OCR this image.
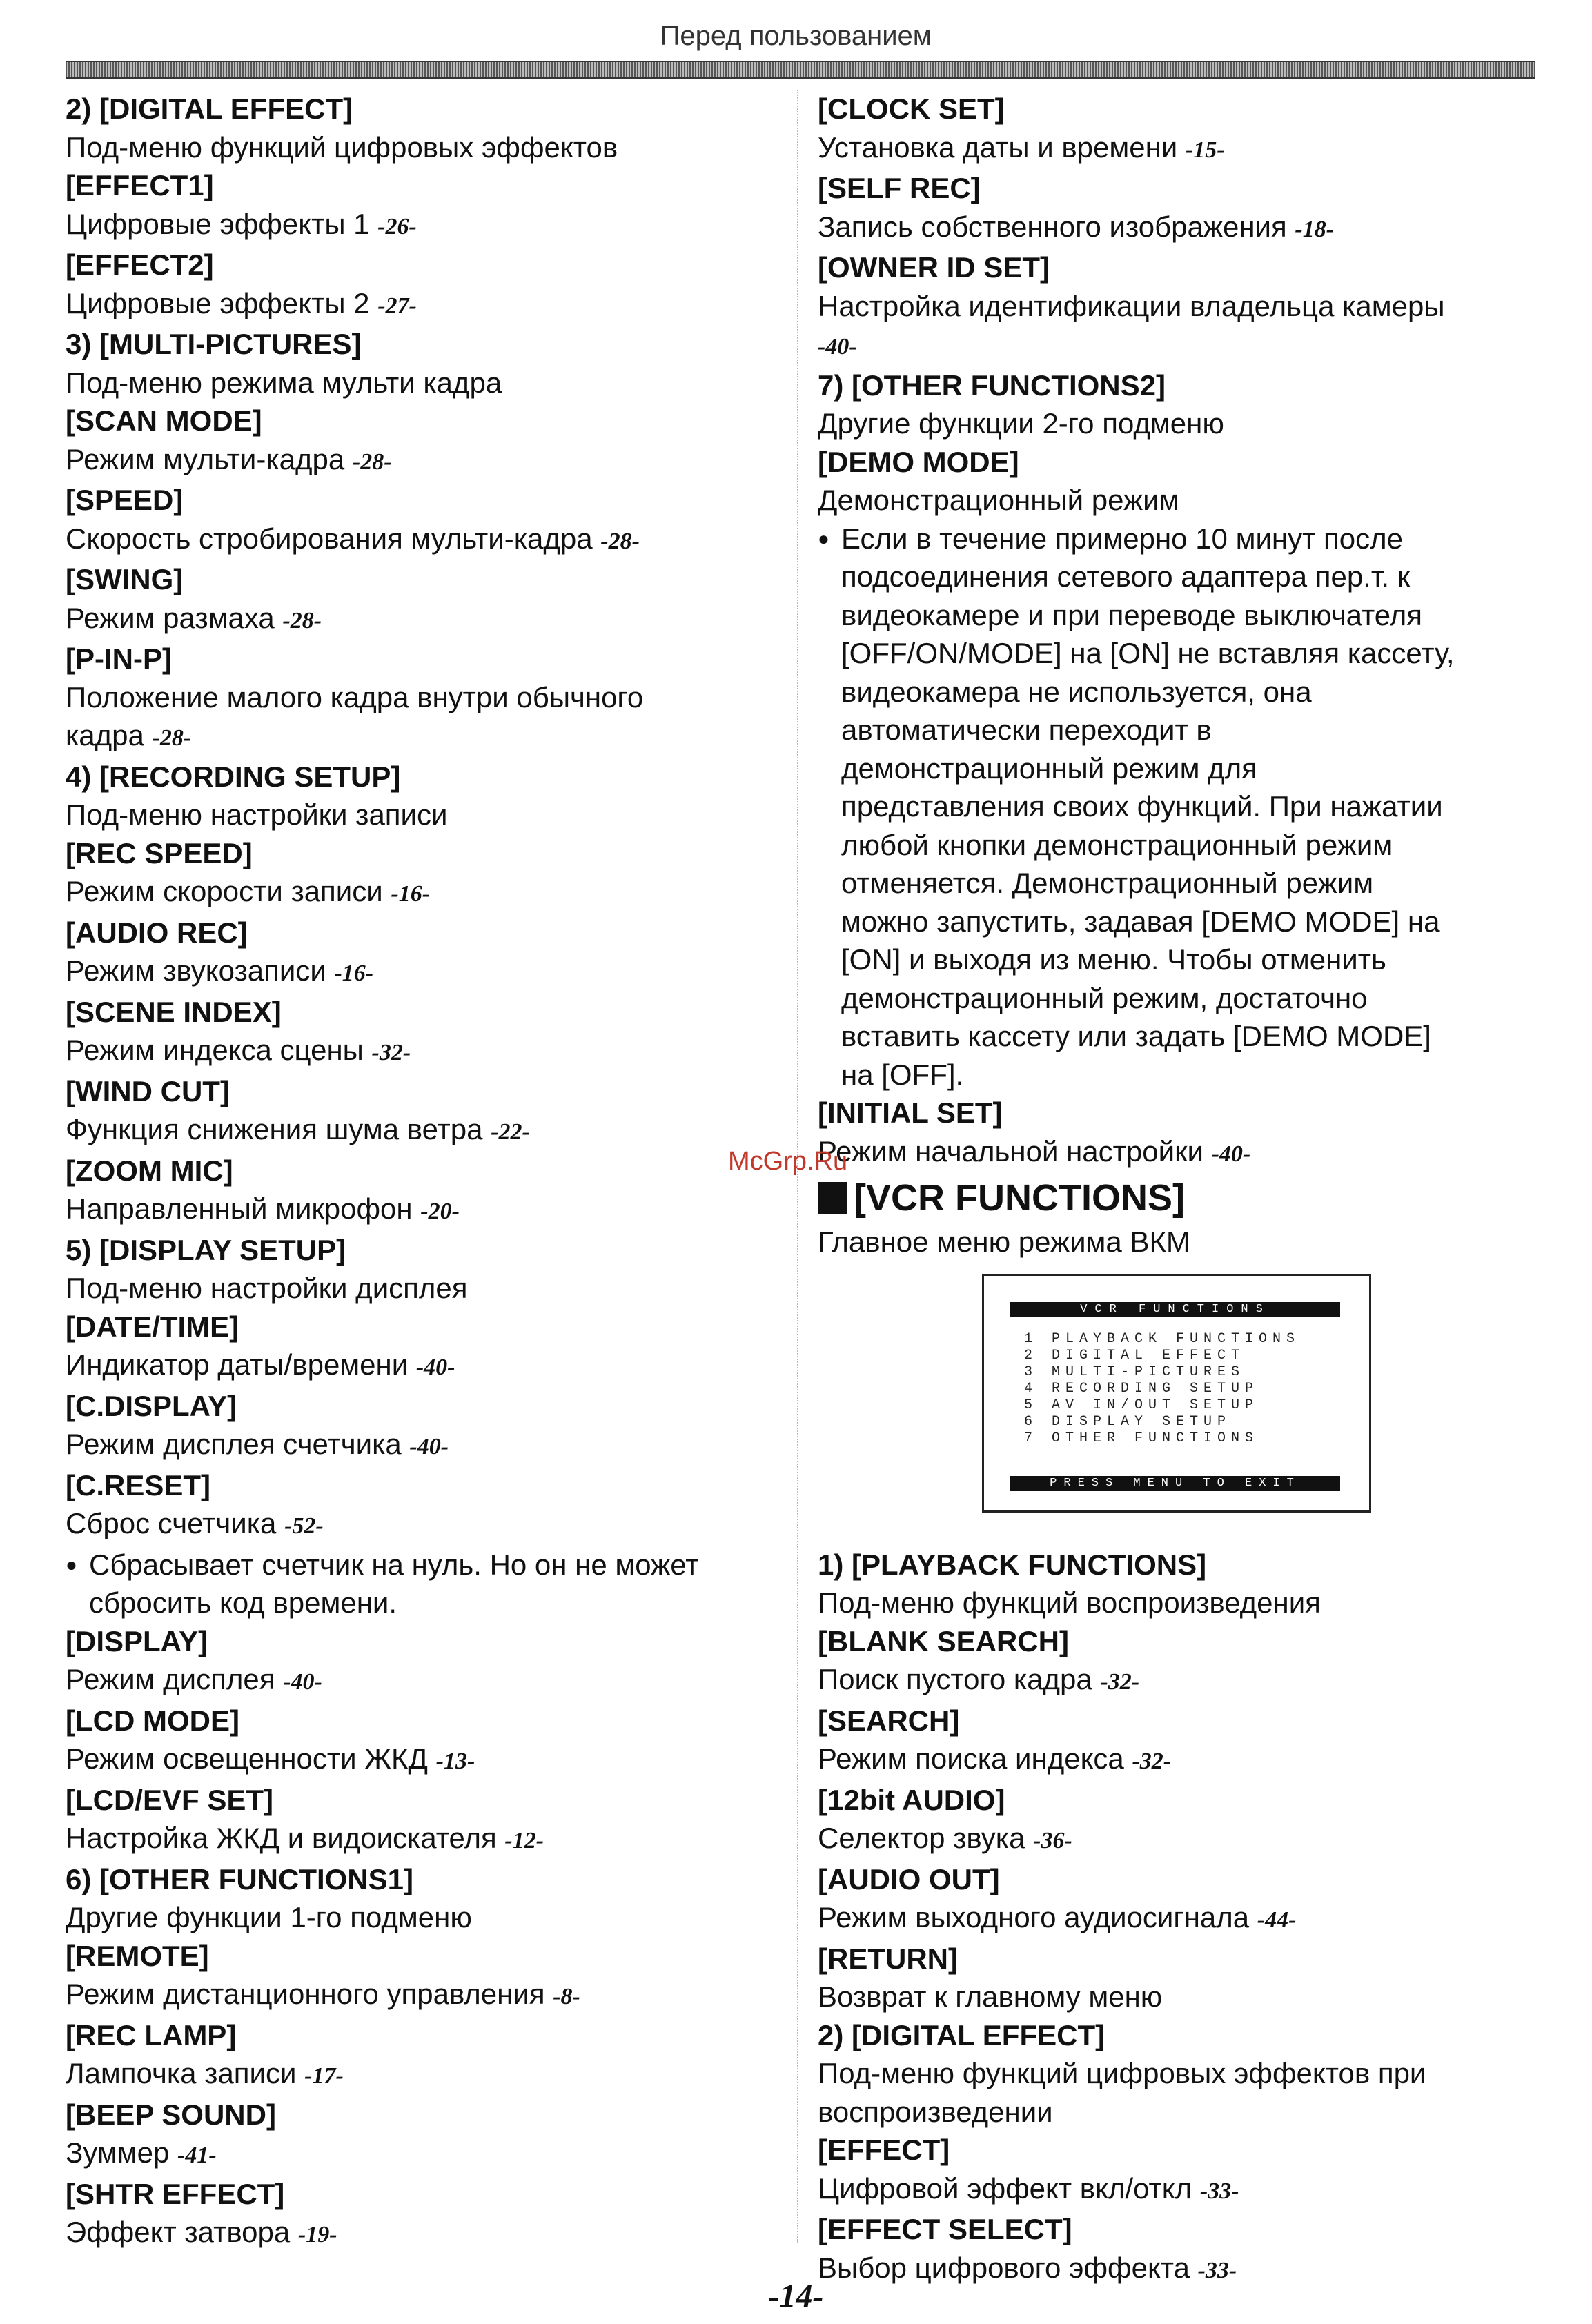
Перед пользованием
2) [DIGITAL EFFECT]
Под-меню функций цифровых эффектов
[EFFECT1]
Цифровые эффекты 1 -26-
[EFFECT2]
Цифровые эффекты 2 -27-
3) [MULTI-PICTURES]
Под-меню режима мульти кадра
[SCAN MODE]
Режим мульти-кадра -28-
[SPEED]
Скорость стробирования мульти-кадра -28-
[SWING]
Режим размаха -28-
[P-IN-P]
Положение малого кадра внутри обычного
кадра -28-
4) [RECORDING SETUP]
Под-меню настройки записи
[REC SPEED]
Режим скорости записи -16-
[AUDIO REC]
Режим звукозаписи -16-
[SCENE INDEX]
Режим индекса сцены -32-
[WIND CUT]
Функция снижения шума ветра -22-
[ZOOM MIC]
Направленный микрофон -20-
5) [DISPLAY SETUP]
Под-меню настройки дисплея
[DATE/TIME]
Индикатор даты/времени -40-
[C.DISPLAY]
Режим дисплея счетчика -40-
[C.RESET]
Сброс счетчика -52-
● Сбрасывает счетчик на нуль. Но он не может
сбросить код времени.
[DISPLAY]
Режим дисплея -40-
[LCD MODE]
Режим освещенности ЖКД -13-
[LCD/EVF SET]
Настройка ЖКД и видоискателя -12-
6) [OTHER FUNCTIONS1]
Другие функции 1-го подменю
[REMOTE]
Режим дистанционного управления -8-
[REC LAMP]
Лампочка записи -17-
[BEEP SOUND]
Зуммер -41-
[SHTR EFFECT]
Эффект затвора -19-
[CLOCK SET]
Установка даты и времени -15-
[SELF REC]
Запись собственного изображения -18-
[OWNER ID SET]
Настройка идентификации владельца камеры
-40-
7) [OTHER FUNCTIONS2]
Другие функции 2-го подменю
[DEMO MODE]
Демонстрационный режим
● Если в течение примерно 10 минут после
подсоединения сетевого адаптера пер.т. к
видеокамере и при переводе выключателя
[OFF/ON/MODE] на [ON] не вставляя кассету,
видеокамера не используется, она
автоматически переходит в
демонстрационный режим для
представления своих функций. При нажатии
любой кнопки демонстрационный режим
отменяется. Демонстрационный режим
можно запустить, задавая [DEMO MODE] на
[ON] и выходя из меню. Чтобы отменить
демонстрационный режим, достаточно
вставить кассету или задать [DEMO MODE]
на [OFF].
[INITIAL SET]
Режим начальной настройки -40-
[VCR FUNCTIONS]
Главное меню режима ВКМ
VCR FUNCTIONS
1 PLAYBACK FUNCTIONS
2 DIGITAL EFFECT
3 MULTI-PICTURES
4 RECORDING SETUP
5 AV IN/OUT SETUP
6 DISPLAY SETUP
7 OTHER FUNCTIONS
PRESS MENU TO EXIT
1) [PLAYBACK FUNCTIONS]
Под-меню функций воспроизведения
[BLANK SEARCH]
Поиск пустого кадра -32-
[SEARCH]
Режим поиска индекса -32-
[12bit AUDIO]
Селектор звука -36-
[AUDIO OUT]
Режим выходного аудиосигнала -44-
[RETURN]
Возврат к главному меню
2) [DIGITAL EFFECT]
Под-меню функций цифровых эффектов при
воспроизведении
[EFFECT]
Цифровой эффект вкл/откл -33-
[EFFECT SELECT]
Выбор цифрового эффекта -33-
McGrp.Ru
-14-
